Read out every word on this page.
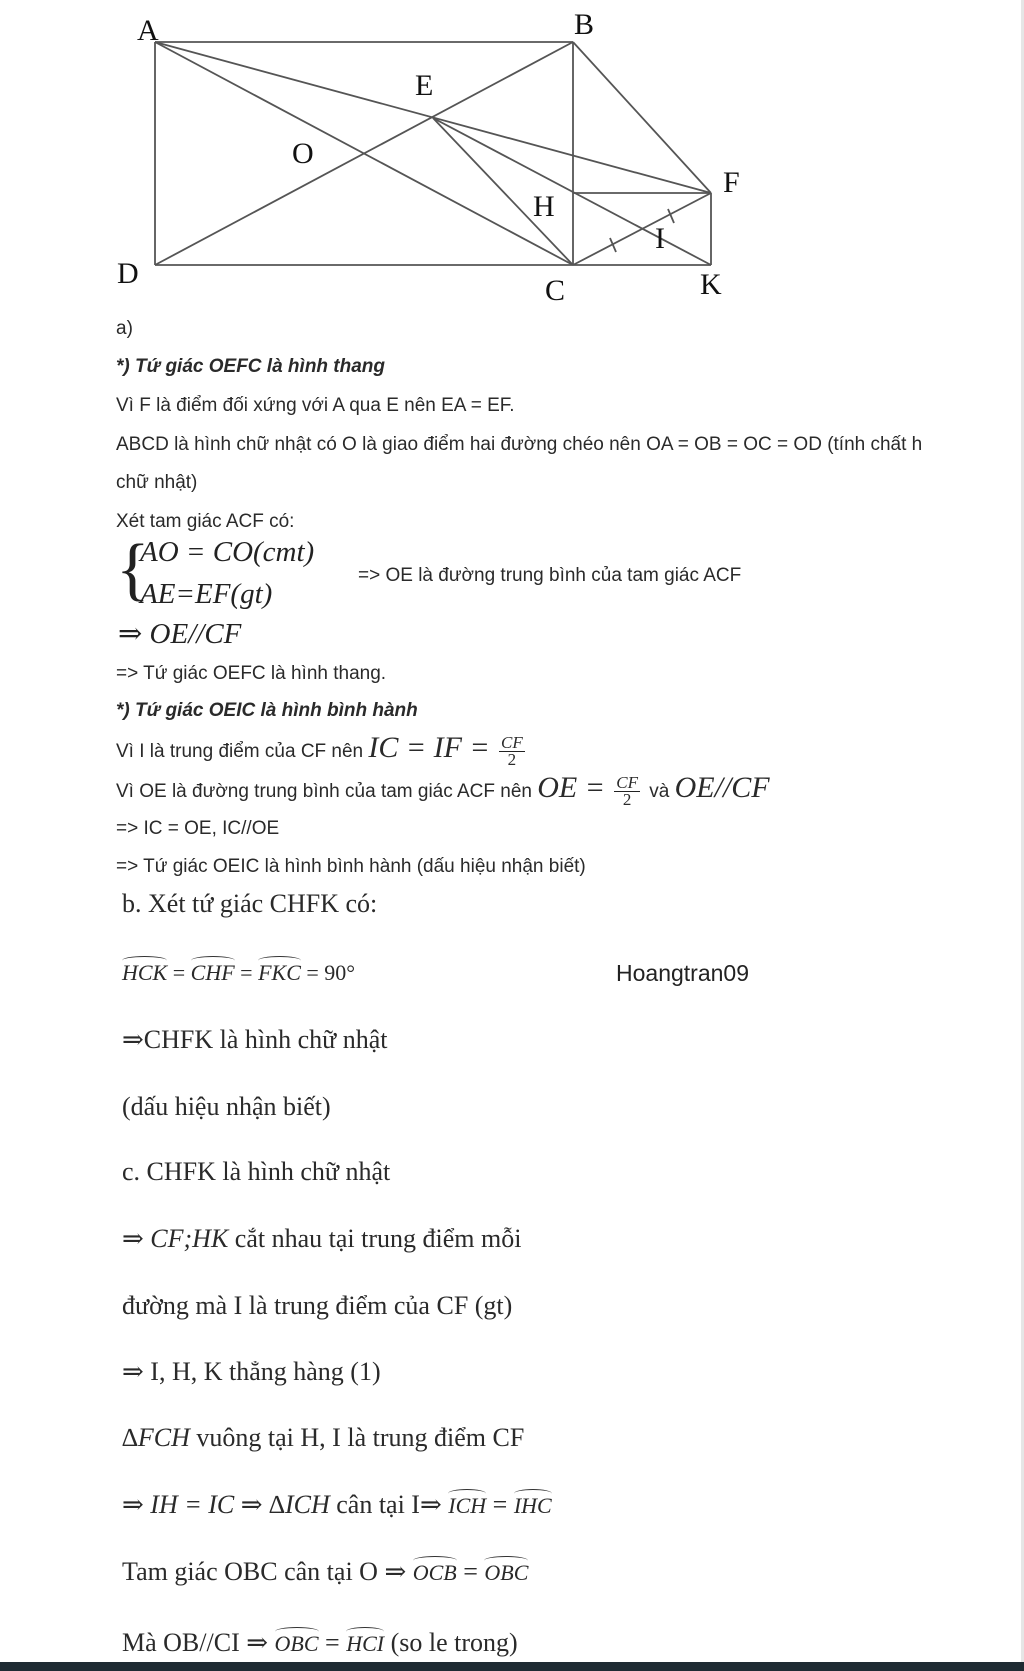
A	B
E
O
H
F
I
D
C	K
a)
*) Tứ giác OEFC là hình thang
Vì F là điểm đối xứng với A qua E nên EA = EF.
ABCD là hình chữ nhật có O là giao điểm hai đường chéo nên OA = OB = OC = OD (tính chất h
chữ nhật)
Xét tam giác ACF có:
{
AO = CO(cmt)
AE=EF(gt)
=> OE là đường trung bình của tam giác ACF
⇒ OE//CF
=> Tứ giác OEFC là hình thang.
*) Tứ giác OEIC là hình bình hành
Vì I là trung điểm của CF nên IC = IF = $\frac{CF}{2}$
Vì OE là đường trung bình của tam giác ACF nên OE = $\frac{CF}{2}$ và OE//CF
=> IC = OE, IC//OE
=> Tứ giác OEIC là hình bình hành (dấu hiệu nhận biết)
b. Xét tứ giác CHFK có:
HCK = CHF = FKC = 90°	Hoangtran09
⇒CHFK là hình chữ nhật
(dấu hiệu nhận biết)
c. CHFK là hình chữ nhật
⇒ CF;HK cắt nhau tại trung điểm mỗi
đường mà I là trung điểm của CF (gt)
⇒ I, H, K thẳng hàng (1)
∆FCH vuông tại H, I là trung điểm CF
⇒ IH = IC ⇒ ∆ICH cân tại I⇒ ICH = IHC
Tam giác OBC cân tại O ⇒ OCB = OBC
Mà OB//CI ⇒ OBC = HCI (so le trong)
